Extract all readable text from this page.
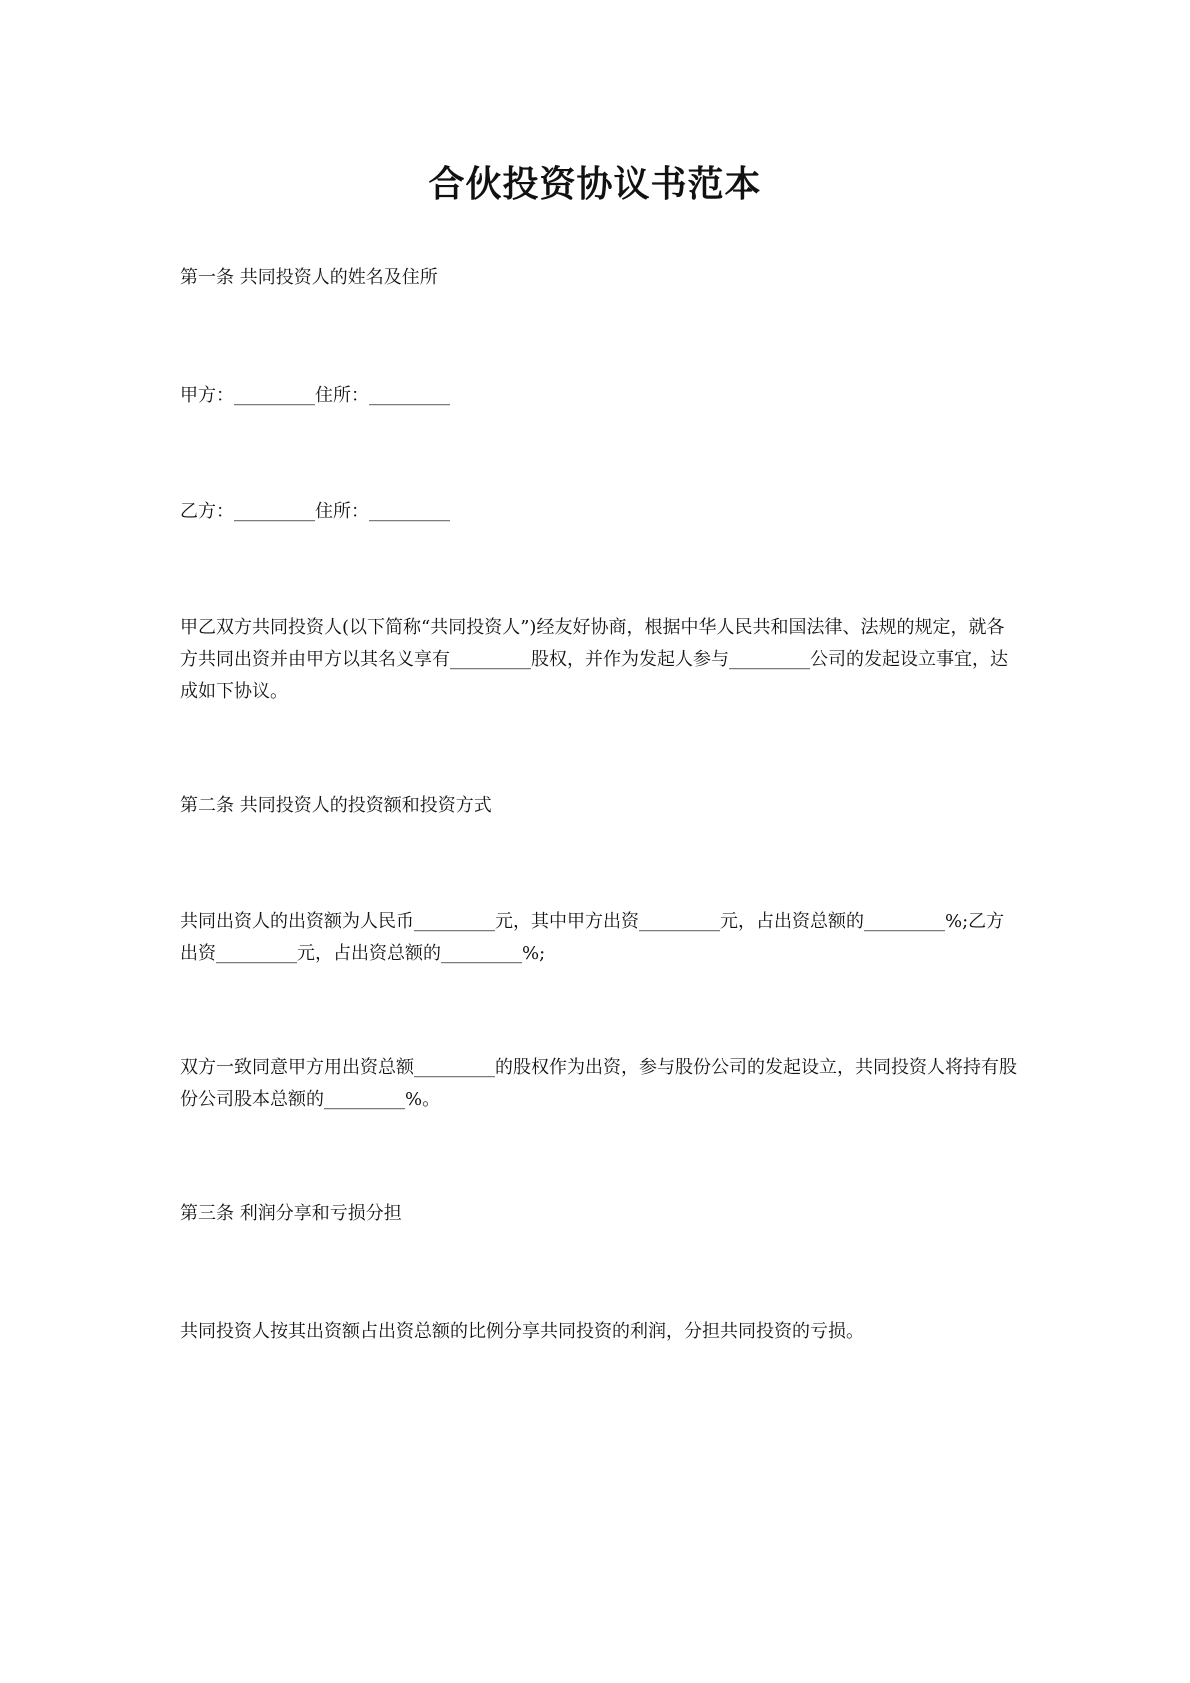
合伙投资协议书范本
第一条 共同投资人的姓名及住所
甲方：_________住所：_________
乙方：_________住所：_________
甲乙双方共同投资人(以下简称“共同投资人”)经友好协商，根据中华人民共和国法律、法规的规定，就各方共同出资并由甲方以其名义享有_________股权，并作为发起人参与_________公司的发起设立事宜，达成如下协议。
第二条 共同投资人的投资额和投资方式
共同出资人的出资额为人民币_________元，其中甲方出资_________元，占出资总额的_________%;乙方出资_________元，占出资总额的_________%;
双方一致同意甲方用出资总额_________的股权作为出资，参与股份公司的发起设立，共同投资人将持有股份公司股本总额的_________%。
第三条 利润分享和亏损分担
共同投资人按其出资额占出资总额的比例分享共同投资的利润，分担共同投资的亏损。
